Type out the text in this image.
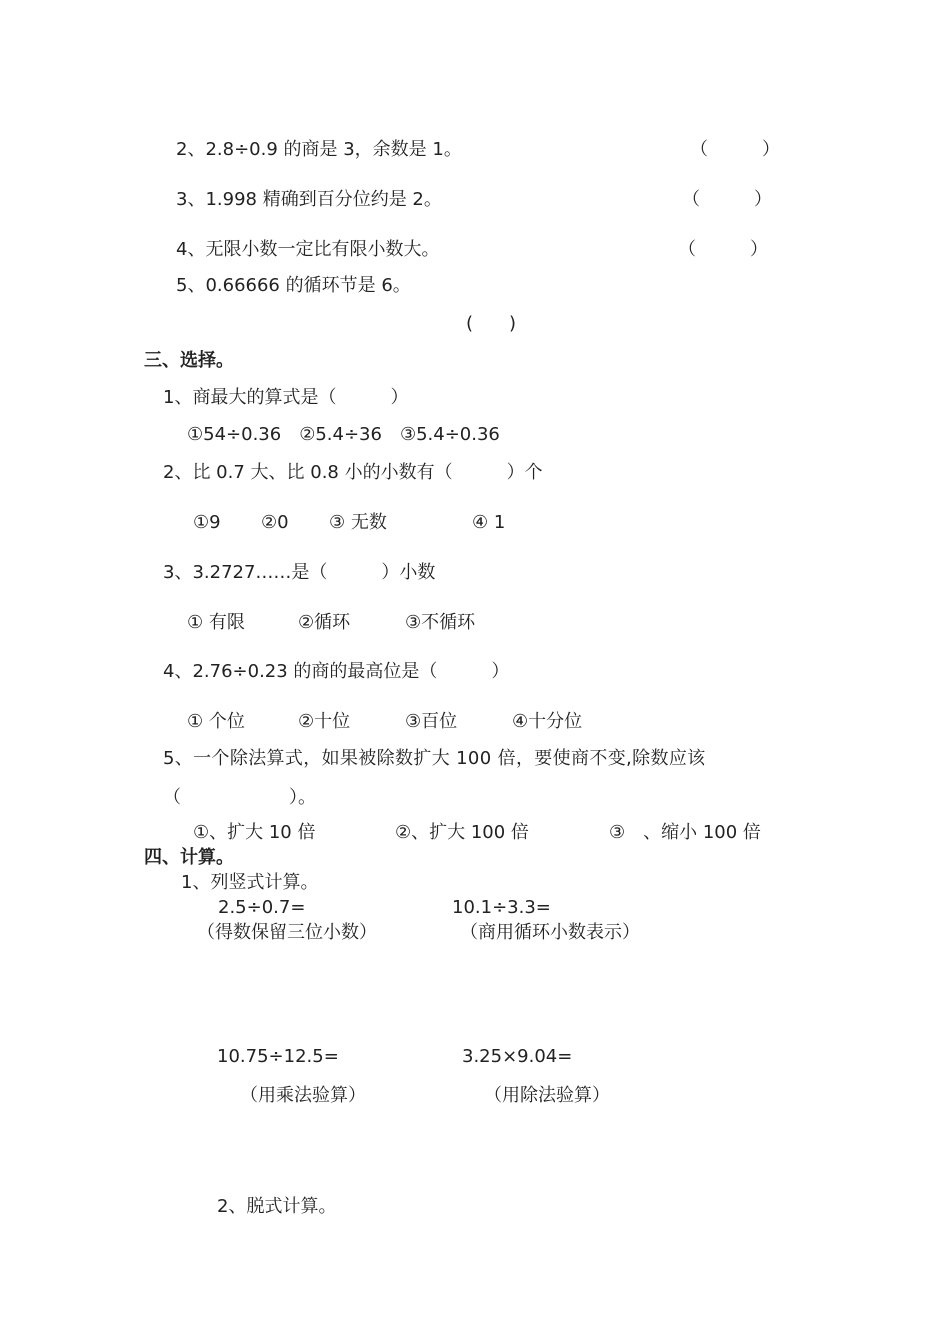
2、2.8÷0.9 的商是 3，余数是 1。	（　　　）
3、1.998 精确到百分位约是 2。	（　　　）
4、无限小数一定比有限小数大。	（　　　）
5、0.66666 的循环节是 6。
(　　)
三、选择。
1、商最大的算式是（　　　）
①54÷0.36　②5.4÷36　③5.4÷0.36
2、比 0.7 大、比 0.8 小的小数有（　　　）个
①9 ②0 ③ 无数	④ 1
3、3.2727……是（　　　）小数
① 有限	②循环	③不循环
4、2.76÷0.23 的商的最高位是（　　　）
① 个位	②十位	③百位	④十分位
5、一个除法算式，如果被除数扩大 100 倍，要使商不变,除数应该
（　　　　　　）。
①、扩大 10 倍	②、扩大 100 倍	③　、缩小 100 倍
四、计算。
1、列竖式计算。
2.5÷0.7=	10.1÷3.3=
（得数保留三位小数）	（商用循环小数表示）
10.75÷12.5=	3.25×9.04=
（用乘法验算）	（用除法验算）
2、脱式计算。
